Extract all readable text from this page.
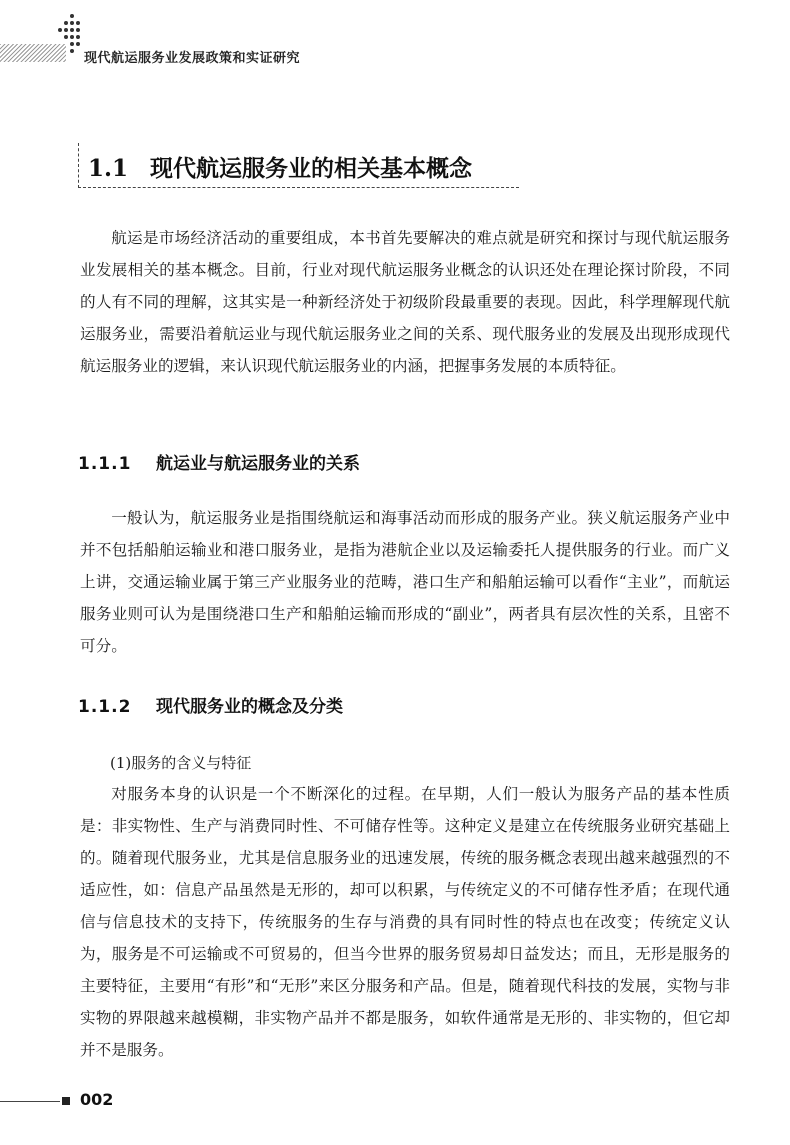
现代航运服务业发展政策和实证研究
1.1 现代航运服务业的相关基本概念

航运是市场经济活动的重要组成，本书首先要解决的难点就是研究和探讨与现代航运服务业发展相关的基本概念。目前，行业对现代航运服务业概念的认识还处在理论探讨阶段，不同的人有不同的理解，这其实是一种新经济处于初级阶段最重要的表现。因此，科学理解现代航运服务业，需要沿着航运业与现代航运服务业之间的关系、现代服务业的发展及出现形成现代航运服务业的逻辑，来认识现代航运服务业的内涵，把握事务发展的本质特征。

1.1.1 航运业与航运服务业的关系

一般认为，航运服务业是指围绕航运和海事活动而形成的服务产业。狭义航运服务产业中并不包括船舶运输业和港口服务业，是指为港航企业以及运输委托人提供服务的行业。而广义上讲，交通运输业属于第三产业服务业的范畴，港口生产和船舶运输可以看作“主业”，而航运服务业则可认为是围绕港口生产和船舶运输而形成的“副业”，两者具有层次性的关系，且密不可分。

1.1.2 现代服务业的概念及分类

(1)服务的含义与特征

对服务本身的认识是一个不断深化的过程。在早期，人们一般认为服务产品的基本性质是：非实物性、生产与消费同时性、不可储存性等。这种定义是建立在传统服务业研究基础上的。随着现代服务业，尤其是信息服务业的迅速发展，传统的服务概念表现出越来越强烈的不适应性，如：信息产品虽然是无形的，却可以积累，与传统定义的不可储存性矛盾；在现代通信与信息技术的支持下，传统服务的生存与消费的具有同时性的特点也在改变；传统定义认为，服务是不可运输或不可贸易的，但当今世界的服务贸易却日益发达；而且，无形是服务的主要特征，主要用“有形”和“无形”来区分服务和产品。但是，随着现代科技的发展，实物与非实物的界限越来越模糊，非实物产品并不都是服务，如软件通常是无形的、非实物的，但它却并不是服务。

002
